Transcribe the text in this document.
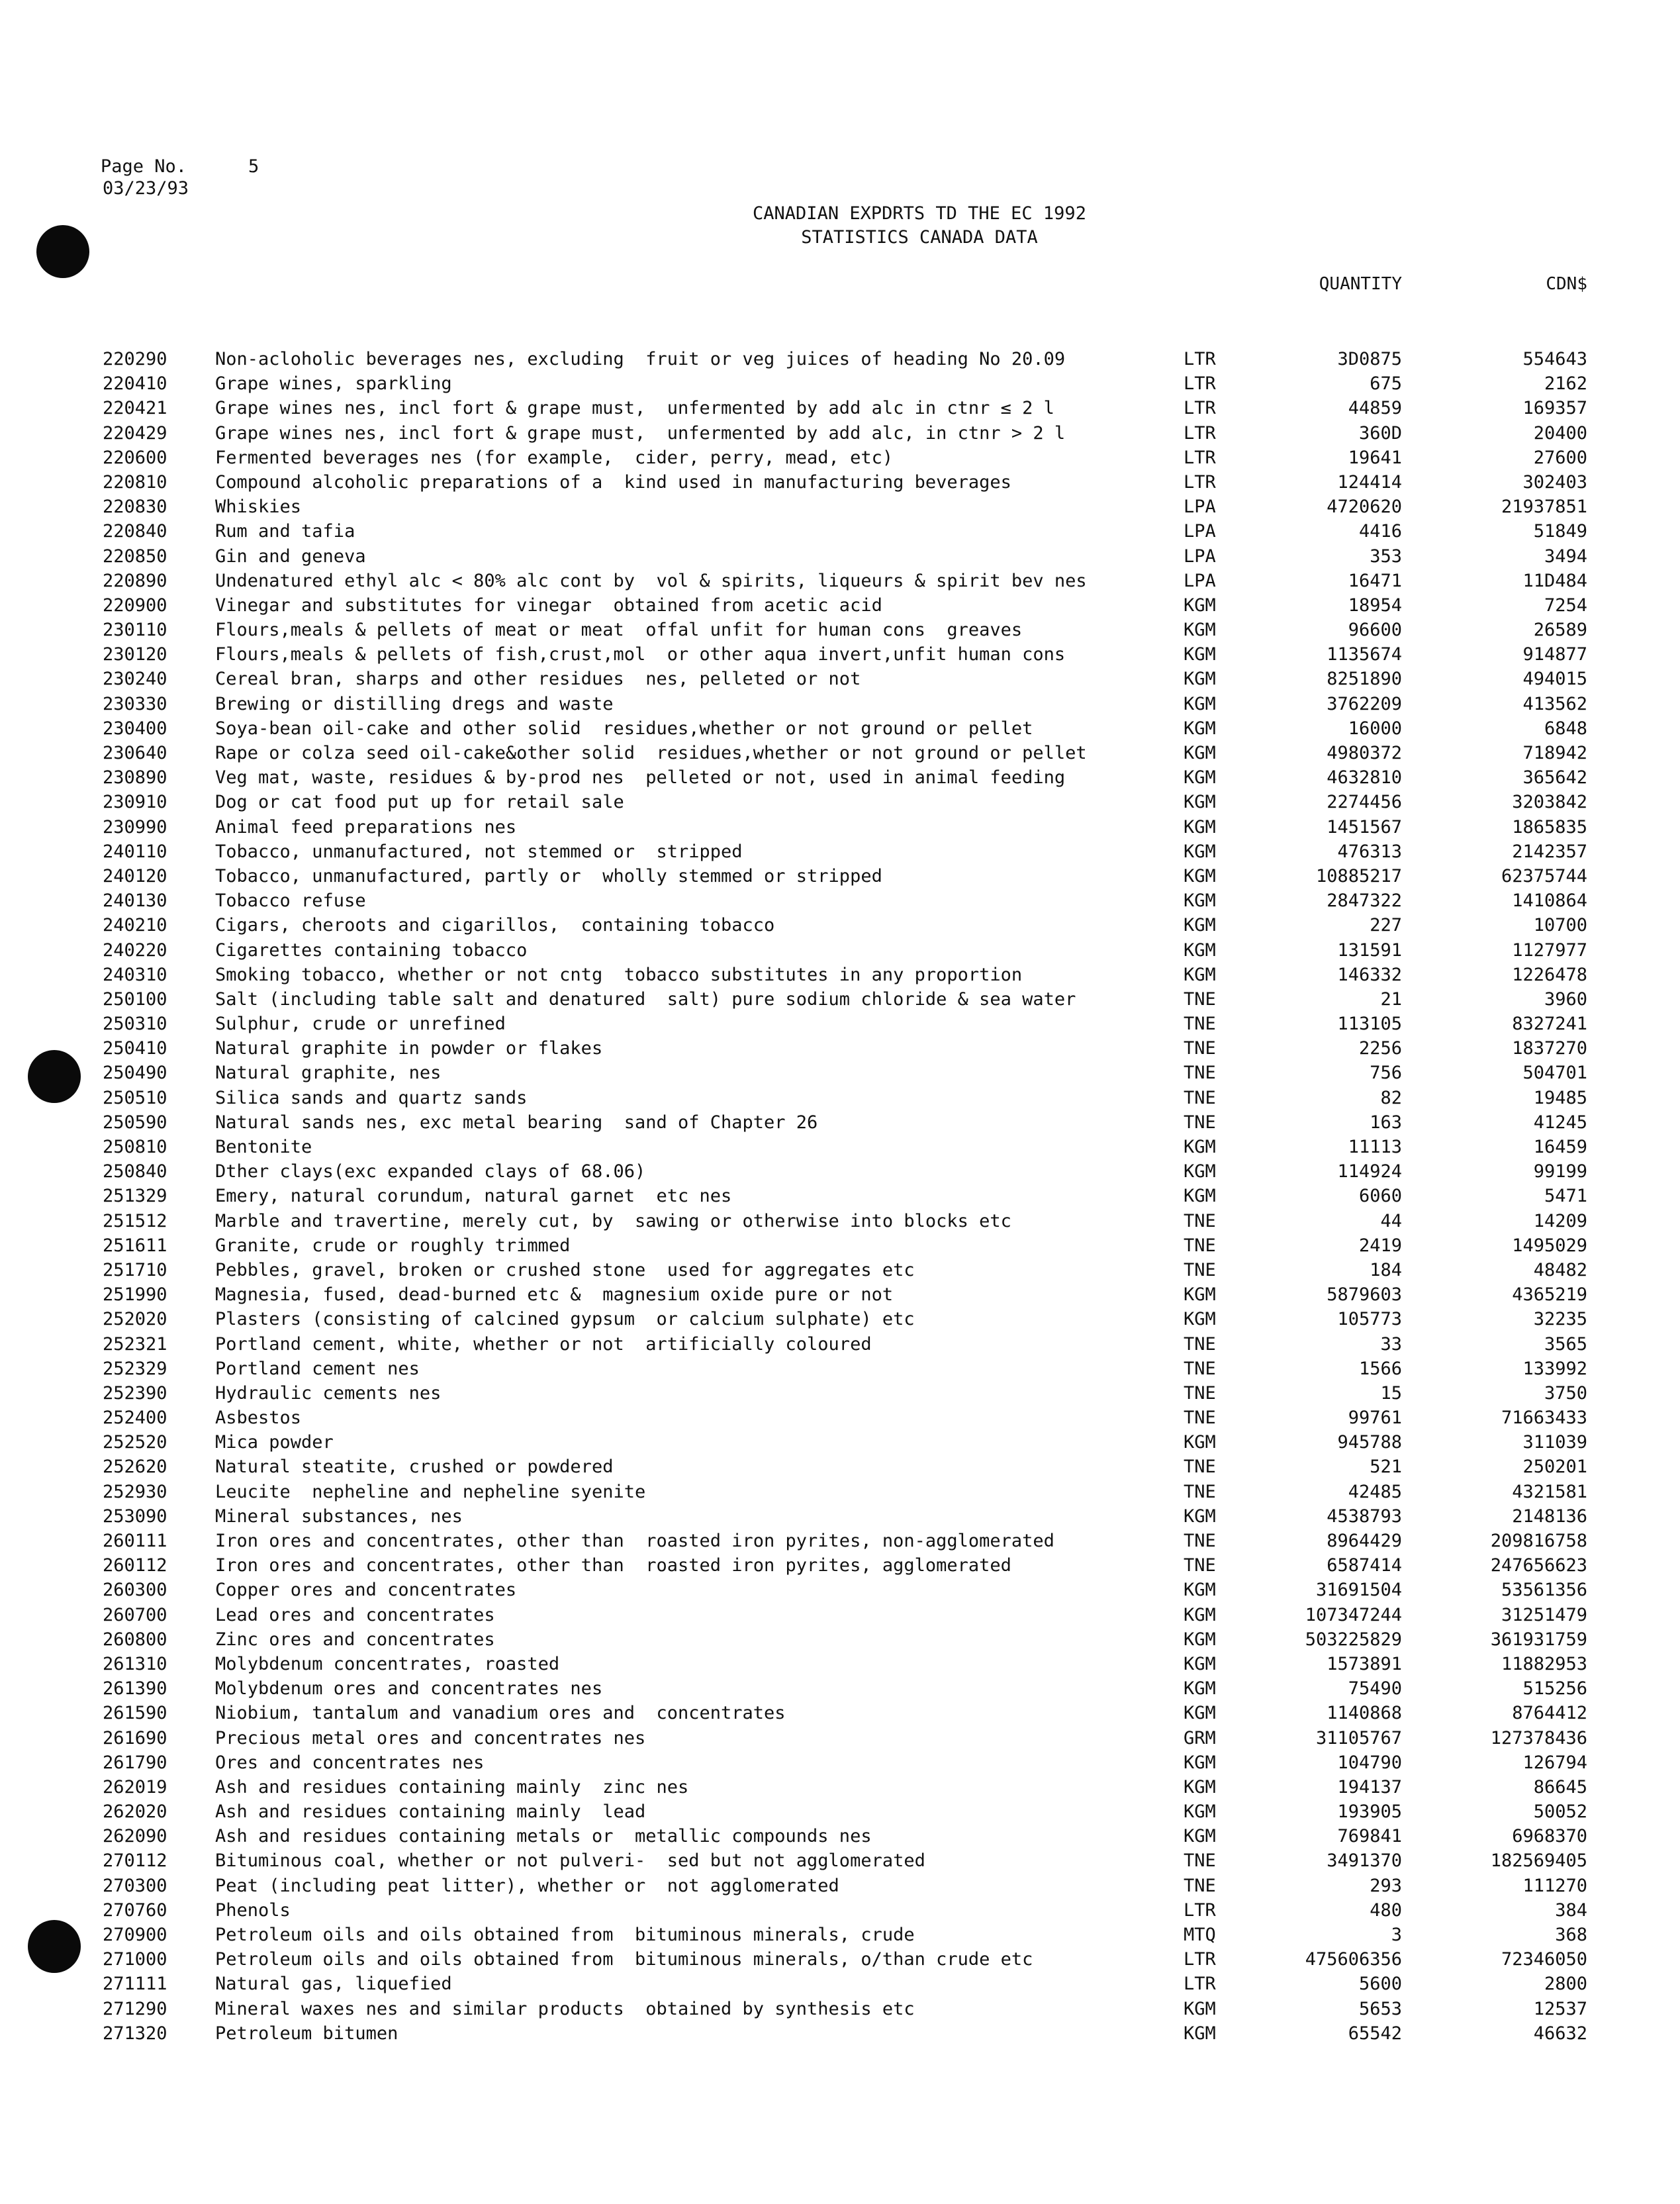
Page No.	5
03/23/93
CANADIAN EXPDRTS TD THE EC 1992
STATISTICS CANADA DATA
QUANTITY	CDN$
220290	Non-acloholic beverages nes, excluding  fruit or veg juices of heading No 20.09	LTR	3D0875	554643
220410	Grape wines, sparkling	LTR	675	2162
220421	Grape wines nes, incl fort & grape must,  unfermented by add alc in ctnr ≤ 2 l	LTR	44859	169357
220429	Grape wines nes, incl fort & grape must,  unfermented by add alc, in ctnr > 2 l	LTR	360D	20400
220600	Fermented beverages nes (for example,  cider, perry, mead, etc)	LTR	19641	27600
220810	Compound alcoholic preparations of a  kind used in manufacturing beverages	LTR	124414	302403
220830	Whiskies	LPA	4720620	21937851
220840	Rum and tafia	LPA	4416	51849
220850	Gin and geneva	LPA	353	3494
220890	Undenatured ethyl alc < 80% alc cont by  vol & spirits, liqueurs & spirit bev nes	LPA	16471	11D484
220900	Vinegar and substitutes for vinegar  obtained from acetic acid	KGM	18954	7254
230110	Flours,meals & pellets of meat or meat  offal unfit for human cons  greaves	KGM	96600	26589
230120	Flours,meals & pellets of fish,crust,mol  or other aqua invert,unfit human cons	KGM	1135674	914877
230240	Cereal bran, sharps and other residues  nes, pelleted or not	KGM	8251890	494015
230330	Brewing or distilling dregs and waste	KGM	3762209	413562
230400	Soya-bean oil-cake and other solid  residues,whether or not ground or pellet	KGM	16000	6848
230640	Rape or colza seed oil-cake&other solid  residues,whether or not ground or pellet	KGM	4980372	718942
230890	Veg mat, waste, residues & by-prod nes  pelleted or not, used in animal feeding	KGM	4632810	365642
230910	Dog or cat food put up for retail sale	KGM	2274456	3203842
230990	Animal feed preparations nes	KGM	1451567	1865835
240110	Tobacco, unmanufactured, not stemmed or  stripped	KGM	476313	2142357
240120	Tobacco, unmanufactured, partly or  wholly stemmed or stripped	KGM	10885217	62375744
240130	Tobacco refuse	KGM	2847322	1410864
240210	Cigars, cheroots and cigarillos,  containing tobacco	KGM	227	10700
240220	Cigarettes containing tobacco	KGM	131591	1127977
240310	Smoking tobacco, whether or not cntg  tobacco substitutes in any proportion	KGM	146332	1226478
250100	Salt (including table salt and denatured  salt) pure sodium chloride & sea water	TNE	21	3960
250310	Sulphur, crude or unrefined	TNE	113105	8327241
250410	Natural graphite in powder or flakes	TNE	2256	1837270
250490	Natural graphite, nes	TNE	756	504701
250510	Silica sands and quartz sands	TNE	82	19485
250590	Natural sands nes, exc metal bearing  sand of Chapter 26	TNE	163	41245
250810	Bentonite	KGM	11113	16459
250840	Dther clays(exc expanded clays of 68.06)	KGM	114924	99199
251329	Emery, natural corundum, natural garnet  etc nes	KGM	6060	5471
251512	Marble and travertine, merely cut, by  sawing or otherwise into blocks etc	TNE	44	14209
251611	Granite, crude or roughly trimmed	TNE	2419	1495029
251710	Pebbles, gravel, broken or crushed stone  used for aggregates etc	TNE	184	48482
251990	Magnesia, fused, dead-burned etc &  magnesium oxide pure or not	KGM	5879603	4365219
252020	Plasters (consisting of calcined gypsum  or calcium sulphate) etc	KGM	105773	32235
252321	Portland cement, white, whether or not  artificially coloured	TNE	33	3565
252329	Portland cement nes	TNE	1566	133992
252390	Hydraulic cements nes	TNE	15	3750
252400	Asbestos	TNE	99761	71663433
252520	Mica powder	KGM	945788	311039
252620	Natural steatite, crushed or powdered	TNE	521	250201
252930	Leucite  nepheline and nepheline syenite	TNE	42485	4321581
253090	Mineral substances, nes	KGM	4538793	2148136
260111	Iron ores and concentrates, other than  roasted iron pyrites, non-agglomerated	TNE	8964429	209816758
260112	Iron ores and concentrates, other than  roasted iron pyrites, agglomerated	TNE	6587414	247656623
260300	Copper ores and concentrates	KGM	31691504	53561356
260700	Lead ores and concentrates	KGM	107347244	31251479
260800	Zinc ores and concentrates	KGM	503225829	361931759
261310	Molybdenum concentrates, roasted	KGM	1573891	11882953
261390	Molybdenum ores and concentrates nes	KGM	75490	515256
261590	Niobium, tantalum and vanadium ores and  concentrates	KGM	1140868	8764412
261690	Precious metal ores and concentrates nes	GRM	31105767	127378436
261790	Ores and concentrates nes	KGM	104790	126794
262019	Ash and residues containing mainly  zinc nes	KGM	194137	86645
262020	Ash and residues containing mainly  lead	KGM	193905	50052
262090	Ash and residues containing metals or  metallic compounds nes	KGM	769841	6968370
270112	Bituminous coal, whether or not pulveri-  sed but not agglomerated	TNE	3491370	182569405
270300	Peat (including peat litter), whether or  not agglomerated	TNE	293	111270
270760	Phenols	LTR	480	384
270900	Petroleum oils and oils obtained from  bituminous minerals, crude	MTQ	3	368
271000	Petroleum oils and oils obtained from  bituminous minerals, o/than crude etc	LTR	475606356	72346050
271111	Natural gas, liquefied	LTR	5600	2800
271290	Mineral waxes nes and similar products  obtained by synthesis etc	KGM	5653	12537
271320	Petroleum bitumen	KGM	65542	46632
